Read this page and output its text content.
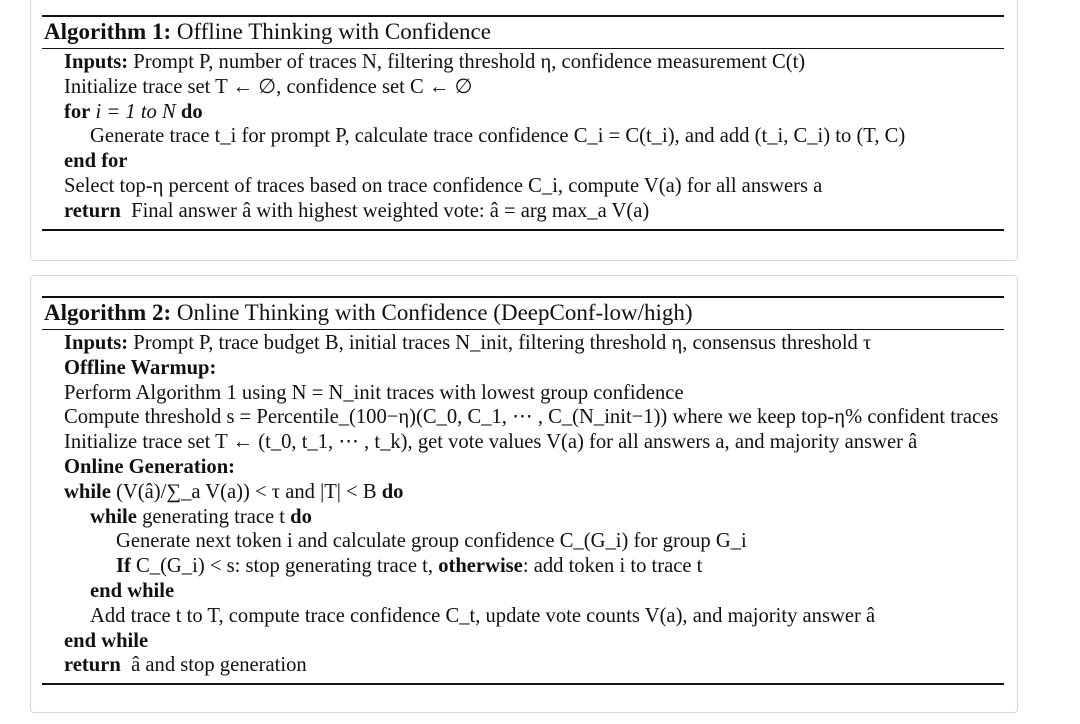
Algorithm 1: Offline Thinking with Confidence
Inputs: Prompt P, number of traces N, filtering threshold η, confidence measurement C(t)
Initialize trace set T ← ∅, confidence set C ← ∅
for i = 1 to N do
Generate trace t_i for prompt P, calculate trace confidence C_i = C(t_i), and add (t_i, C_i) to (T, C)
end for
Select top-η percent of traces based on trace confidence C_i, compute V(a) for all answers a
return Final answer â with highest weighted vote: â = arg max_a V(a)
Algorithm 2: Online Thinking with Confidence (DeepConf-low/high)
Inputs: Prompt P, trace budget B, initial traces N_init, filtering threshold η, consensus threshold τ
Offline Warmup:
Perform Algorithm 1 using N = N_init traces with lowest group confidence
Compute threshold s = Percentile_(100−η)(C_0, C_1, ⋯ , C_(N_init−1)) where we keep top-η% confident traces
Initialize trace set T ← (t_0, t_1, ⋯ , t_k), get vote values V(a) for all answers a, and majority answer â
Online Generation:
while (V(â)/∑_a V(a)) < τ and |T| < B do
while generating trace t do
Generate next token i and calculate group confidence C_(G_i) for group G_i
If C_(G_i) < s: stop generating trace t, otherwise: add token i to trace t
end while
Add trace t to T, compute trace confidence C_t, update vote counts V(a), and majority answer â
end while
return â and stop generation
